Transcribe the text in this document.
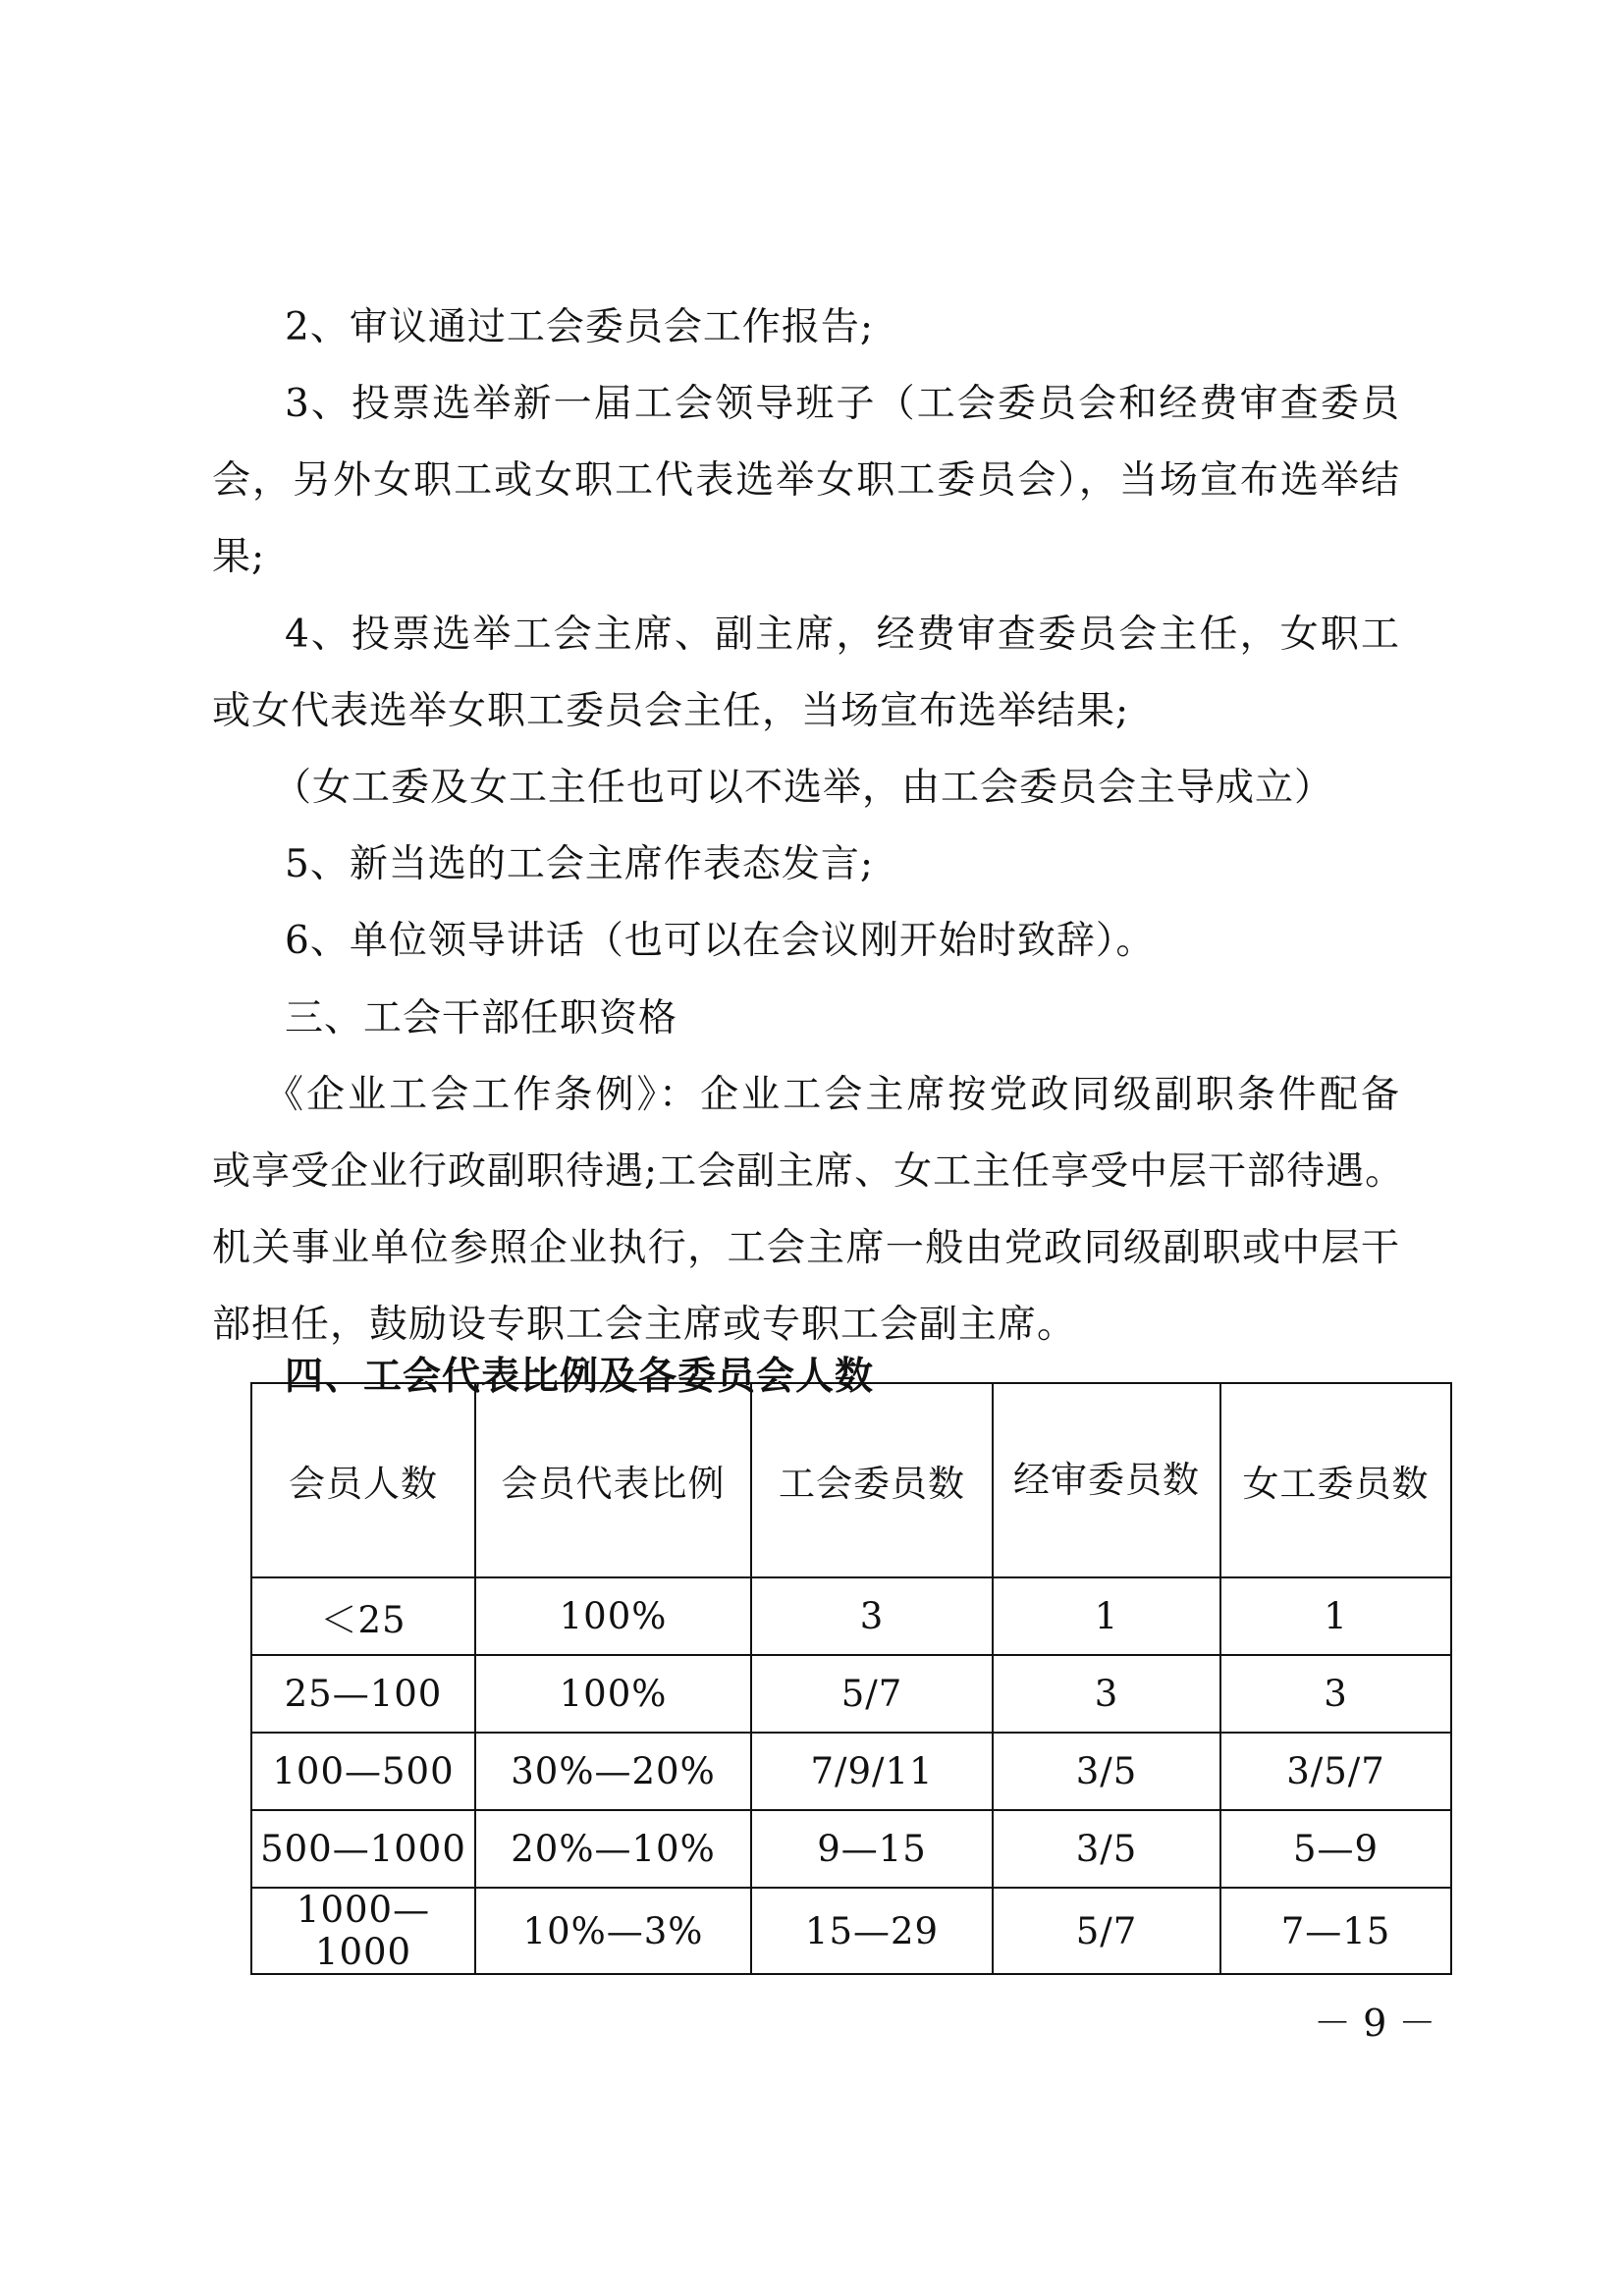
2、审议通过工会委员会工作报告;
3、投票选举新一届工会领导班子（工会委员会和经费审查委员
会，另外女职工或女职工代表选举女职工委员会），当场宣布选举结
果;
4、投票选举工会主席、副主席，经费审查委员会主任，女职工
或女代表选举女职工委员会主任，当场宣布选举结果;
（女工委及女工主任也可以不选举，由工会委员会主导成立）
5、新当选的工会主席作表态发言;
6、单位领导讲话（也可以在会议刚开始时致辞）。
三、工会干部任职资格
《企业工会工作条例》：企业工会主席按党政同级副职条件配备
或享受企业行政副职待遇;工会副主席、女工主任享受中层干部待遇。
机关事业单位参照企业执行，工会主席一般由党政同级副职或中层干
部担任，鼓励设专职工会主席或专职工会副主席。
四、工会代表比例及各委员会人数
会员人数	会员代表比例	工会委员数	经审委员数	女工委员数
＜25	100%	3	1	1
25—100	100%	5/7	3	3
100—500	30%—20%	7/9/11	3/5	3/5/7
500—1000	20%—10%	9—15	3/5	5—9
1000—1000	10%—3%	15—29	5/7	7—15
－ 9 －
